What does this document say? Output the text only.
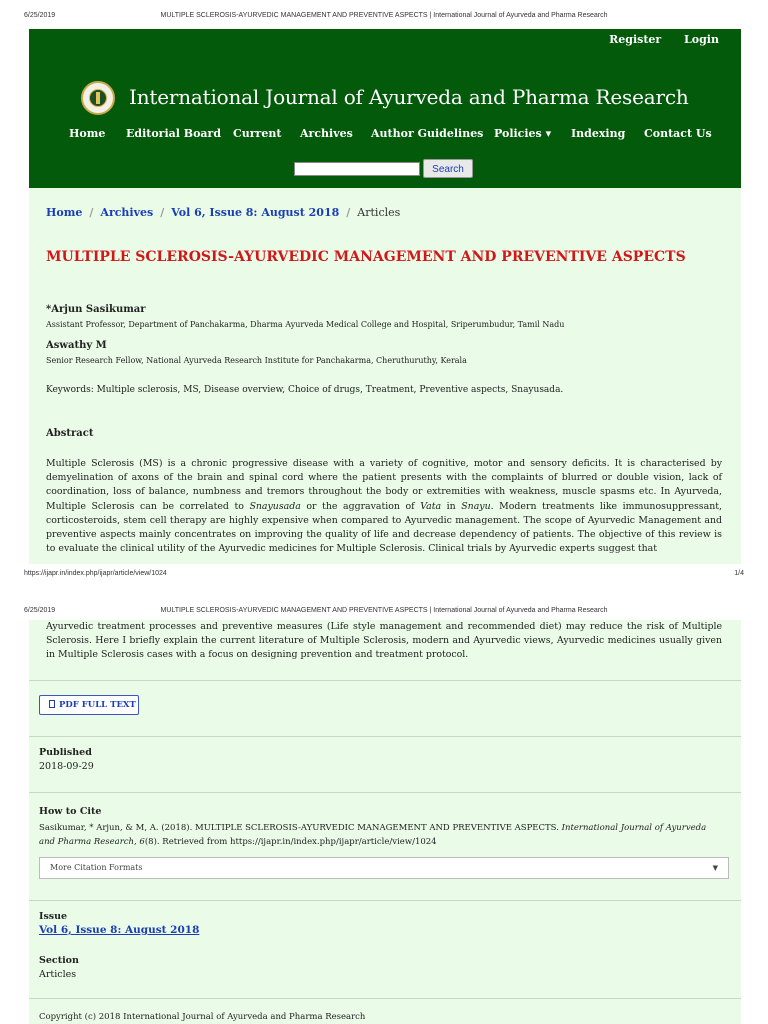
6/25/2019	MULTIPLE SCLEROSIS-AYURVEDIC MANAGEMENT AND PREVENTIVE ASPECTS | International Journal of Ayurveda and Pharma Research
Register Login
International Journal of Ayurveda and Pharma Research
Home Editorial Board Current Archives Author Guidelines Policies ▾ Indexing Contact Us
Search
Home / Archives / Vol 6, Issue 8: August 2018 / Articles
MULTIPLE SCLEROSIS-AYURVEDIC MANAGEMENT AND PREVENTIVE ASPECTS
*Arjun Sasikumar
Assistant Professor, Department of Panchakarma, Dharma Ayurveda Medical College and Hospital, Sriperumbudur, Tamil Nadu
Aswathy M
Senior Research Fellow, National Ayurveda Research Institute for Panchakarma, Cheruthuruthy, Kerala
Keywords: Multiple sclerosis, MS, Disease overview, Choice of drugs, Treatment, Preventive aspects, Snayusada.
Abstract
Multiple Sclerosis (MS) is a chronic progressive disease with a variety of cognitive, motor and sensory deficits. It is characterised by demyelination of axons of the brain and spinal cord where the patient presents with the complaints of blurred or double vision, lack of coordination, loss of balance, numbness and tremors throughout the body or extremities with weakness, muscle spasms etc. In Ayurveda, Multiple Sclerosis can be correlated to Snayusada or the aggravation of Vata in Snayu. Modern treatments like immunosuppressant, corticosteroids, stem cell therapy are highly expensive when compared to Ayurvedic management. The scope of Ayurvedic Management and preventive aspects mainly concentrates on improving the quality of life and decrease dependency of patients. The objective of this review is to evaluate the clinical utility of the Ayurvedic medicines for Multiple Sclerosis. Clinical trials by Ayurvedic experts suggest that
https://ijapr.in/index.php/ijapr/article/view/1024	1/4
6/25/2019	MULTIPLE SCLEROSIS-AYURVEDIC MANAGEMENT AND PREVENTIVE ASPECTS | International Journal of Ayurveda and Pharma Research
Ayurvedic treatment processes and preventive measures (Life style management and recommended diet) may reduce the risk of Multiple Sclerosis. Here I briefly explain the current literature of Multiple Sclerosis, modern and Ayurvedic views, Ayurvedic medicines usually given in Multiple Sclerosis cases with a focus on designing prevention and treatment protocol.
PDF FULL TEXT
Published
2018-09-29
How to Cite
Sasikumar, * Arjun, & M, A. (2018). MULTIPLE SCLEROSIS-AYURVEDIC MANAGEMENT AND PREVENTIVE ASPECTS. International Journal of Ayurveda and Pharma Research, 6(8). Retrieved from https://ijapr.in/index.php/ijapr/article/view/1024
More Citation Formats	▼
Issue
Vol 6, Issue 8: August 2018
Section
Articles
Copyright (c) 2018 International Journal of Ayurveda and Pharma Research
